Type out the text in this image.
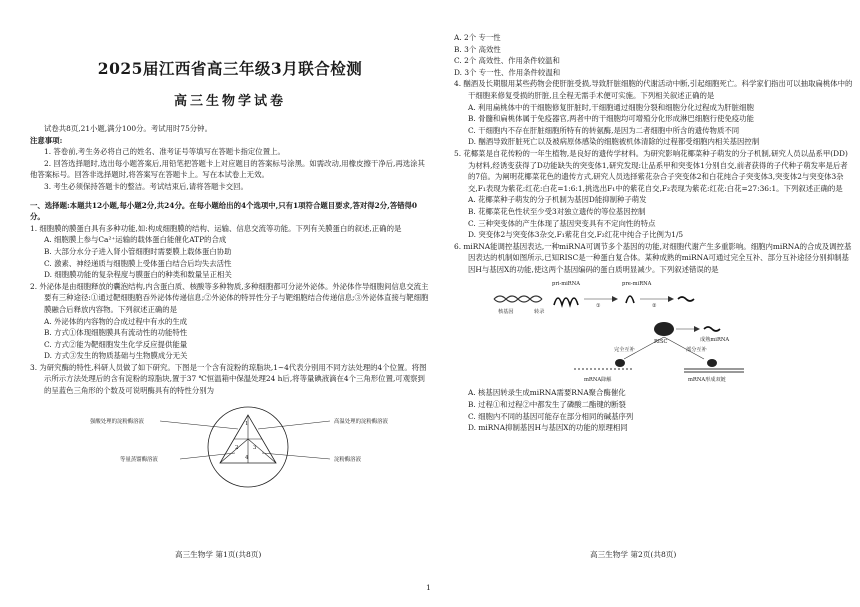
2025届江西省高三年级3月联合检测
高三生物学试卷

试卷共8页,21小题,满分100分。考试用时75分钟。

注意事项:

1. 答卷前,考生务必将自己的姓名、准考证号等填写在答题卡指定位置上。

2. 回答选择题时,选出每小题答案后,用铅笔把答题卡上对应题目的答案标号涂黑。如需改动,用橡皮擦干净后,再选涂其他答案标号。回答非选择题时,将答案写在答题卡上。写在本试卷上无效。

3. 考生必须保持答题卡的整洁。考试结束后,请将答题卡交回。

一、选择题:本题共12小题,每小题2分,共24分。在每小题给出的4个选项中,只有1项符合题目要求,答对得2分,答错得0分。

1. 细胞膜的膜蛋白具有多种功能,如:构成细胞膜的结构、运输、信息交流等功能。下列有关膜蛋白的叙述,正确的是

A. 细胞膜上参与Ca²⁺运输的载体蛋白能催化ATP的合成

B. 大部分水分子进入肾小管细胞时需要膜上载体蛋白协助

C. 激素、神经递质与细胞膜上受体蛋白结合后均失去活性

D. 细胞膜功能的复杂程度与膜蛋白的种类和数量呈正相关

2. 外泌体是由细胞释放的囊泡结构,内含蛋白质、核酸等多种物质,多种细胞都可分泌外泌体。外泌体作导细胞间信息交流主要有三种途径:①通过靶细胞胞吞外泌体传递信息;②外泌体的特异性分子与靶细胞结合传递信息;③外泌体直接与靶细胞膜融合后释放内容物。下列叙述正确的是

A. 外泌体的内容物的合成过程中有水的生成

B. 方式①体现细胞膜具有流动性的功能特性

C. 方式②能为靶细胞发生化学反应提供能量

D. 方式③发生的物质基础与生物膜成分无关

3. 为研究酶的特性,科研人员做了如下研究。下图是一个含有淀粉的琼脂块,1~4代表分别用不同方法处理的4个位置。将图示所示方法处理后的含有淀粉的琼脂块,置于37 ℃恒温箱中保温处理24 h后,将等量碘液滴在4个三角形位置,可观察到的呈蓝色三角形的个数及可说明酶具有的特性分别为

1
2	3
4
强酸处理的淀粉酶溶液	高温处理的淀粉酶溶液
等量蒸馏酶溶液	淀粉酶溶液

A. 2个 专一性

B. 3个 高效性

C. 2个 高效性、作用条件较温和

D. 3个 专一性、作用条件较温和

4. 酗酒及长期服用某些药物会使肝脏受损,导致肝脏细胞的代谢活动中断,引起细胞死亡。科学家们指出可以抽取扁桃体中的干细胞来修复受损的肝脏,且全程无需手术便可实施。下列相关叙述正确的是

A. 利用扁桃体中的干细胞修复肝脏时,干细胞通过细胞分裂和细胞分化过程成为肝脏细胞

B. 骨髓和扁桃体属于免疫器官,两者中的干细胞均可增殖分化形成淋巴细胞行使免疫功能

C. 干细胞内不存在肝脏细胞所特有的转氨酶,是因为二者细胞中所含的遗传物质不同

D. 酗酒导致肝脏死亡以及被病原体感染的细胞被机体清除的过程都受细胞内相关基因控制

5. 花椰菜是自花传粉的一年生植物,是良好的遗传学材料。为研究影响花椰菜种子萌发的分子机制,研究人员以品系甲(DD)为材料,经诱变获得了D功能缺失的突变体1,研究发现:让品系甲和突变体1分别自交,前者获得的子代种子萌发率是后者的7倍。为阐明花椰菜花色的遗传方式,研究人员选择紫花杂合子突变体2和白花纯合子突变体3,突变体2与突变体3杂交,F₁表现为紫花:红花:白花=1:6:1,挑选出F₁中的紫花自交,F₂表现为紫花:红花:白花=27:36:1。下列叙述正确的是

A. 花椰菜种子萌发的分子机制为基因D能抑制种子萌发

B. 花椰菜花色性状至少受3对独立遗传的等位基因控制

C. 三种突变体的产生体现了基因突变具有不定向性的特点

D. 突变体2与突变体3杂交,F₁紫花自交,F₂红花中纯合子比例为1/5

6. miRNA能调控基因表达,一种miRNA可调节多个基因的功能,对细胞代谢产生多重影响。细胞内miRNA的合成及调控基因表达的机制如图所示,已知RISC是一种蛋白复合体。某种成熟的miRNA可通过完全互补、部分互补途径分别抑制基因H与基因X的功能,使这两个基因编码的蛋白质明显减少。下列叙述错误的是

pri-miRNA	pre-miRNA
核基因	转录
①	②
RISC	成熟miRNA
完全互补	部分互补
mRNA降解	mRNA形成双链

A. 核基因转录生成miRNA需要RNA聚合酶催化

B. 过程①和过程②中都发生了磷酸二酯键的断裂

C. 细胞内不同的基因可能存在部分相同的碱基序列

D. miRNA抑制基因H与基因X的功能的原理相同

高三生物学 第1页(共8页)	高三生物学 第2页(共8页)
1
